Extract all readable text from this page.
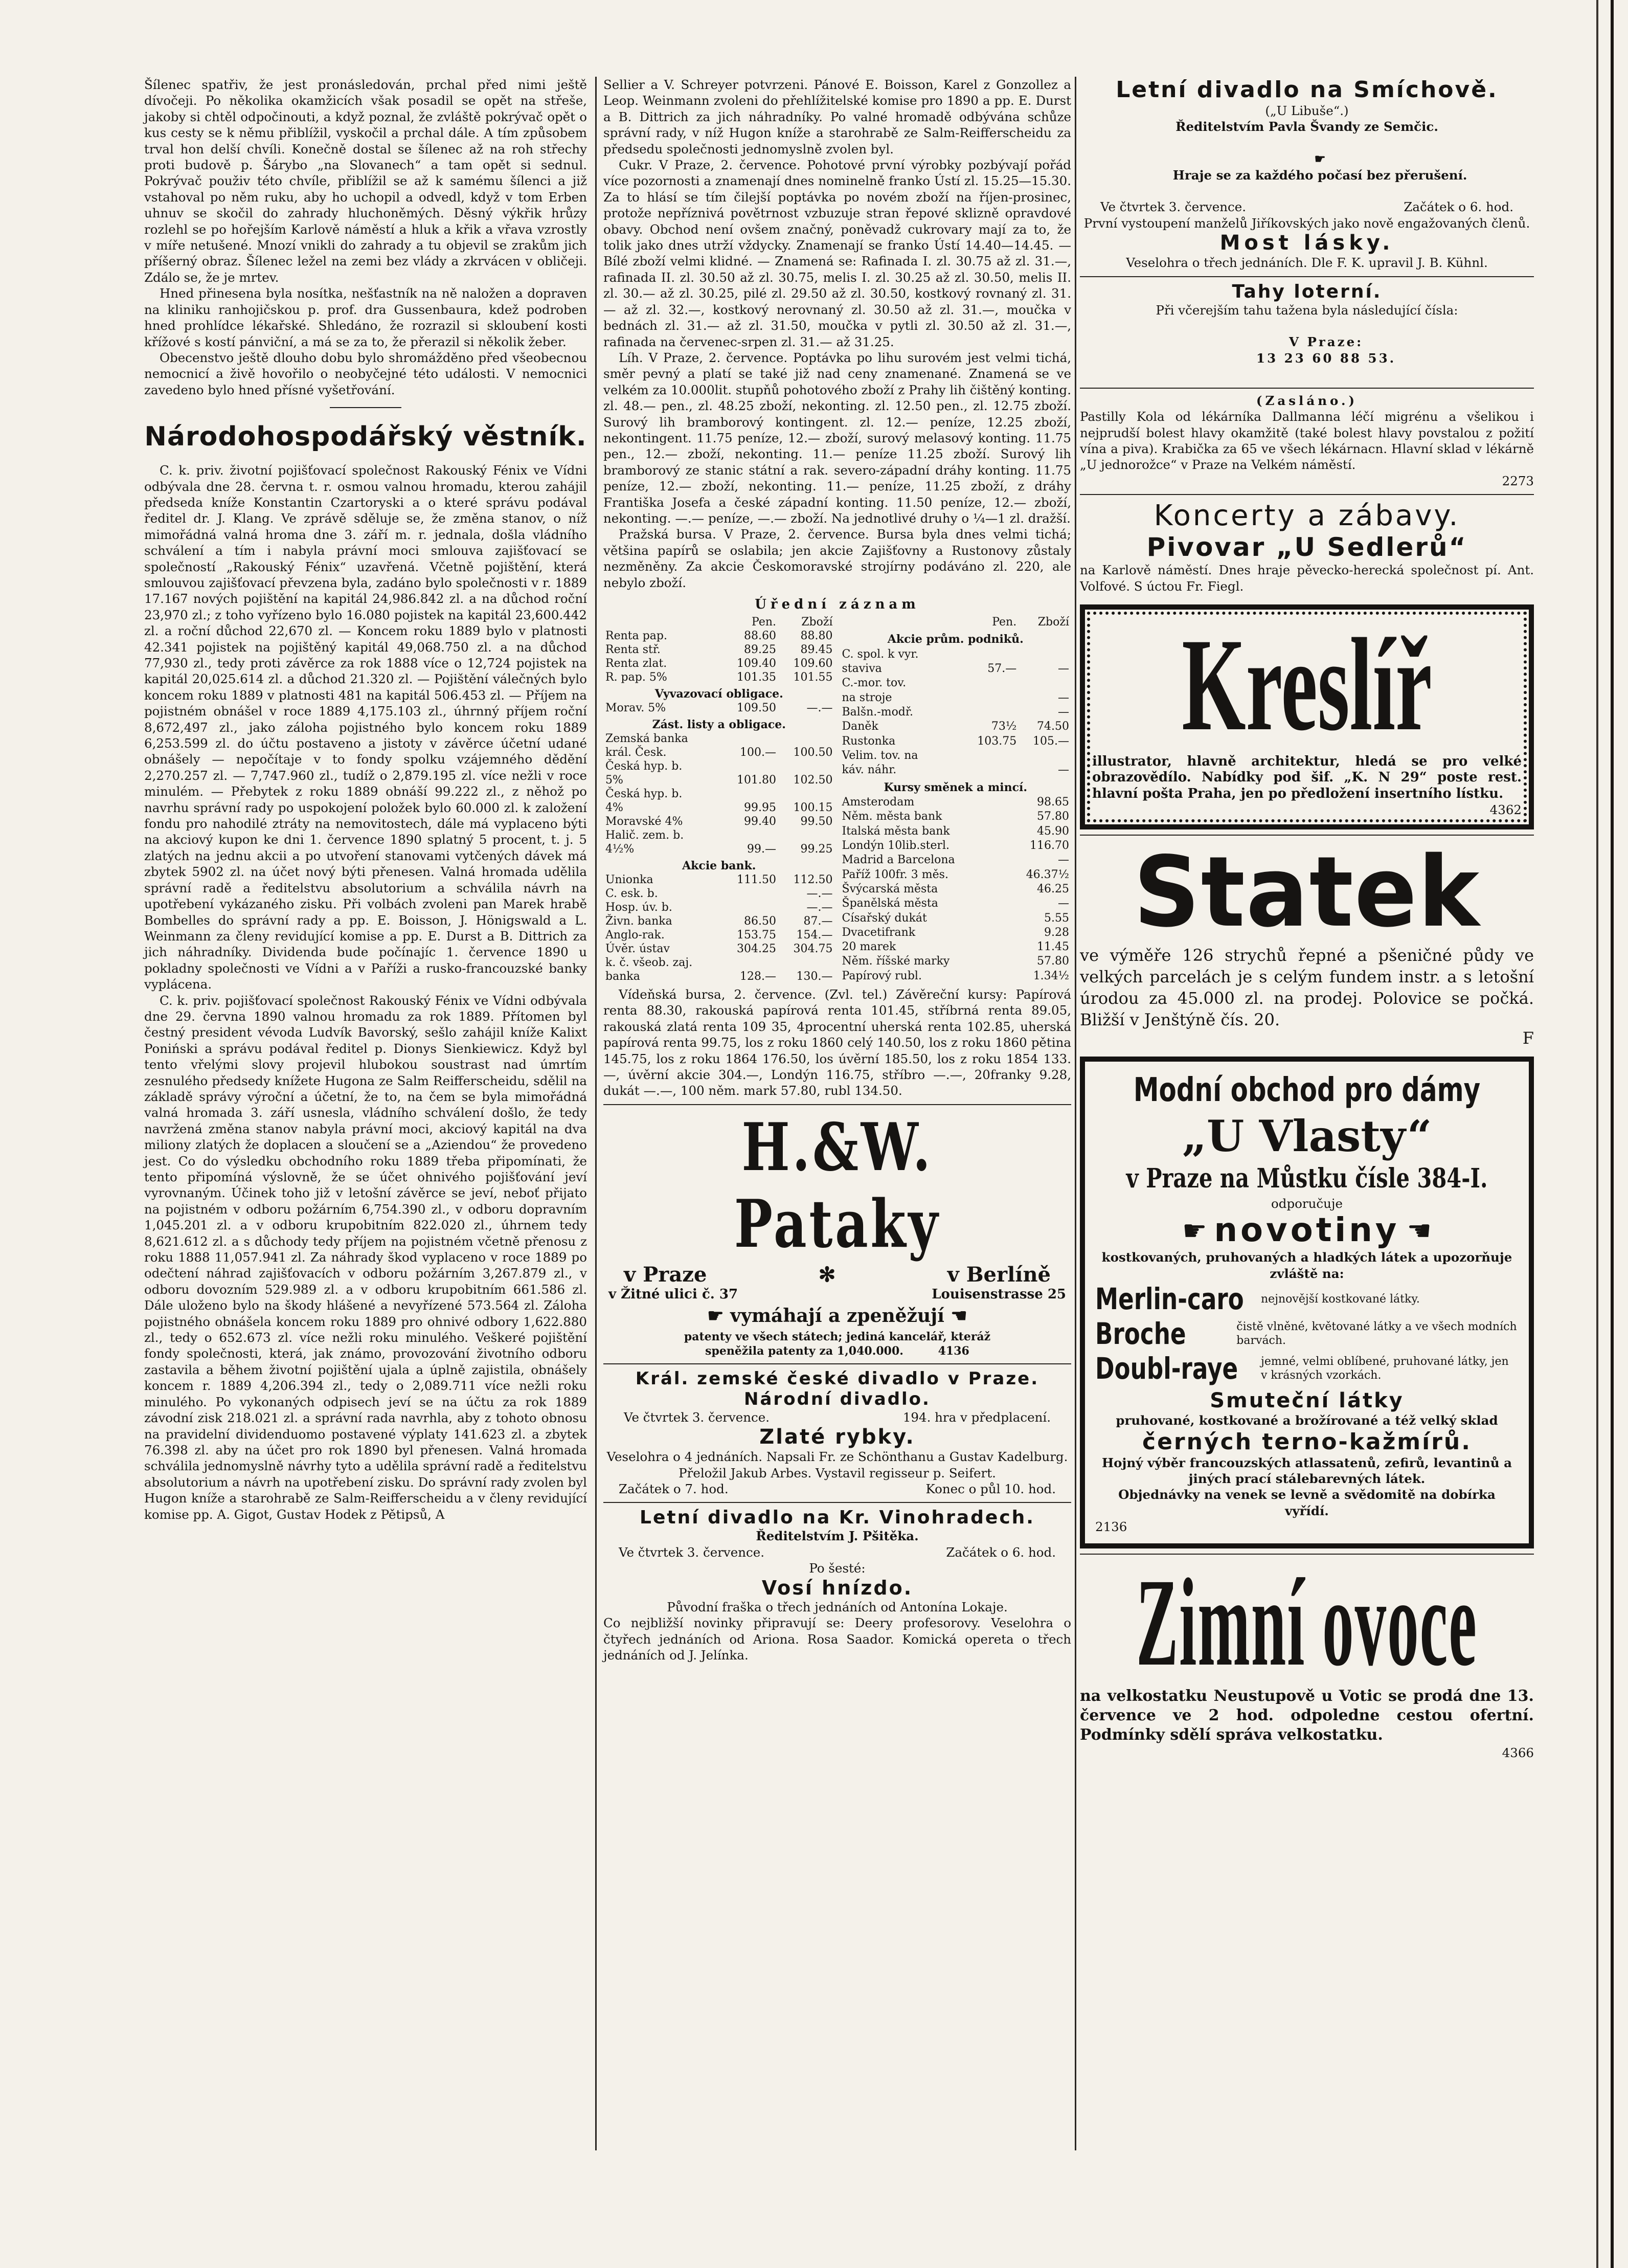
Šílenec spatřiv, že jest pronásledován, prchal před nimi ještě dívočeji. Po několika okamžicích však posadil se opět na střeše, jakoby si chtěl odpočinouti, a když poznal, že zvláště pokrývač opět o kus cesty se k němu přiblížil, vyskočil a prchal dále. A tím způsobem trval hon delší chvíli. Konečně dostal se šílenec až na roh střechy proti budově p. Šárybo „na Slovanech“ a tam opět si sednul. Pokrývač použiv této chvíle, přiblížil se až k samému šílenci a již vstahoval po něm ruku, aby ho uchopil a odvedl, když v tom Erben uhnuv se skočil do zahrady hluchoněmých. Děsný výkřik hrůzy rozlehl se po hořejším Karlově náměstí a hluk a křik a vřava vzrostly v míře netušené. Mnozí vnikli do zahrady a tu objevil se zrakům jich příšerný obraz. Šílenec ležel na zemi bez vlády a zkrvácen v obličeji. Zdálo se, že je mrtev.

Hned přinesena byla nosítka, nešťastník na ně naložen a dopraven na kliniku ranhojičskou p. prof. dra Gussenbaura, kdež podroben hned prohlídce lékařské. Shledáno, že rozrazil si skloubení kosti křížové s kostí pánviční, a má se za to, že přerazil si několik žeber.

Obecenstvo ještě dlouho dobu bylo shromážděno před všeobecnou nemocnicí a živě hovořilo o neobyčejné této události. V nemocnici zavedeno bylo hned přísné vyšetřování.

Národohospodářský věstník.

C. k. priv. životní pojišťovací společnost Rakouský Fénix ve Vídni odbývala dne 28. června t. r. osmou valnou hromadu, kterou zahájil předseda kníže Konstantin Czartoryski a o které správu podával ředitel dr. J. Klang. Ve zprávě sděluje se, že změna stanov, o níž mimořádná valná hroma dne 3. září m. r. jednala, došla vládního schválení a tím i nabyla právní moci smlouva zajišťovací se společností „Rakouský Fénix“ uzavřená. Včetně pojištění, která smlouvou zajišťovací převzena byla, zadáno bylo společnosti v r. 1889 17.167 nových pojištění na kapitál 24,986.842 zl. a na důchod roční 23,970 zl.; z toho vyřízeno bylo 16.080 pojistek na kapitál 23,600.442 zl. a roční důchod 22,670 zl. — Koncem roku 1889 bylo v platnosti 42.341 pojistek na pojištěný kapitál 49,068.750 zl. a na důchod 77,930 zl., tedy proti závěrce za rok 1888 více o 12,724 pojistek na kapitál 20,025.614 zl. a důchod 21.320 zl. — Pojištění válečných bylo koncem roku 1889 v platnosti 481 na kapitál 506.453 zl. — Příjem na pojistném obnášel v roce 1889 4,175.103 zl., úhrnný příjem roční 8,672,497 zl., jako záloha pojistného bylo koncem roku 1889 6,253.599 zl. do účtu postaveno a jistoty v závěrce účetní udané obnášely — nepočítaje v to fondy spolku vzájemného dědění 2,270.257 zl. — 7,747.960 zl., tudíž o 2,879.195 zl. více nežli v roce minulém. — Přebytek z roku 1889 obnáší 99.222 zl., z něhož po navrhu správní rady po uspokojení položek bylo 60.000 zl. k založení fondu pro nahodilé ztráty na nemovitostech, dále má vyplaceno býti na akciový kupon ke dni 1. července 1890 splatný 5 procent, t. j. 5 zlatých na jednu akcii a po utvoření stanovami vytčených dávek má zbytek 5902 zl. na účet nový býti přenesen. Valná hromada udělila správní radě a ředitelstvu absolutorium a schválila návrh na upotřebení vykázaného zisku. Při volbách zvoleni pan Marek hrabě Bombelles do správní rady a pp. E. Boisson, J. Hönigswald a L. Weinmann za členy revidující komise a pp. E. Durst a B. Dittrich za jich náhradníky. Dividenda bude počínajíc 1. července 1890 u pokladny společnosti ve Vídni a v Paříži a rusko-francouzské banky vyplácena.

C. k. priv. pojišťovací společnost Rakouský Fénix ve Vídni odbývala dne 29. června 1890 valnou hromadu za rok 1889. Přítomen byl čestný president vévoda Ludvík Bavorský, sešlo zahájil kníže Kalixt Poniński a správu podával ředitel p. Dionys Sienkiewicz. Když byl tento vřelými slovy projevil hlubokou soustrast nad úmrtím zesnulého předsedy knížete Hugona ze Salm Reifferscheidu, sdělil na základě správy výroční a účetní, že to, na čem se byla mimořádná valná hromada 3. září usnesla, vládního schválení došlo, že tedy navržená změna stanov nabyla právní moci, akciový kapitál na dva miliony zlatých že doplacen a sloučení se a „Aziendou“ že provedeno jest. Co do výsledku obchodního roku 1889 třeba připomínati, že tento připomíná výslovně, že se účet ohnivého pojišťování jeví vyrovnaným. Účinek toho již v letošní závěrce se jeví, neboť přijato na pojistném v odboru požárním 6,754.390 zl., v odboru dopravním 1,045.201 zl. a v odboru krupobitním 822.020 zl., úhrnem tedy 8,621.612 zl. a s důchody tedy příjem na pojistném včetně přenosu z roku 1888 11,057.941 zl. Za náhrady škod vyplaceno v roce 1889 po odečtení náhrad zajišťovacích v odboru požárním 3,267.879 zl., v odboru dovozním 529.989 zl. a v odboru krupobitním 661.586 zl. Dále uloženo bylo na škody hlášené a nevyřízené 573.564 zl. Záloha pojistného obnášela koncem roku 1889 pro ohnivé odbory 1,622.880 zl., tedy o 652.673 zl. více nežli roku minulého. Veškeré pojištění fondy společnosti, která, jak známo, provozování životního odboru zastavila a během životní pojištění ujala a úplně zajistila, obnášely koncem r. 1889 4,206.394 zl., tedy o 2,089.711 více nežli roku minulého. Po vykonaných odpisech jeví se na účtu za rok 1889 závodní zisk 218.021 zl. a správní rada navrhla, aby z tohoto obnosu na pravidelní dividenduomo postavené výplaty 141.623 zl. a zbytek 76.398 zl. aby na účet pro rok 1890 byl přenesen. Valná hromada schválila jednomyslně návrhy tyto a udělila správní radě a ředitelstvu absolutorium a návrh na upotřebení zisku. Do správní rady zvolen byl Hugon kníže a starohrabě ze Salm-Reifferscheidu a v členy revidující komise pp. A. Gigot, Gustav Hodek z Pětipsů, A

Sellier a V. Schreyer potvrzeni. Pánové E. Boisson, Karel z Gonzollez a Leop. Weinmann zvoleni do přehlížitelské komise pro 1890 a pp. E. Durst a B. Dittrich za jich náhradníky. Po valné hromadě odbývána schůze správní rady, v níž Hugon kníže a starohrabě ze Salm-Reifferscheidu za předsedu společnosti jednomyslně zvolen byl.

Cukr. V Praze, 2. července. Pohotové první výrobky pozbývají pořád více pozornosti a znamenají dnes nominelně franko Ústí zl. 15.25—15.30. Za to hlásí se tím čilejší poptávka po novém zboží na říjen-prosinec, protože nepříznivá povětrnost vzbuzuje stran řepové sklizně opravdové obavy. Obchod není ovšem značný, poněvadž cukrovary mají za to, že tolik jako dnes utrží vždycky. Znamenají se franko Ústí 14.40—14.45. — Bílé zboží velmi klidné. — Znamená se: Rafinada I. zl. 30.75 až zl. 31.—, rafinada II. zl. 30.50 až zl. 30.75, melis I. zl. 30.25 až zl. 30.50, melis II. zl. 30.— až zl. 30.25, pilé zl. 29.50 až zl. 30.50, kostkový rovnaný zl. 31.— až zl. 32.—, kostkový nerovnaný zl. 30.50 až zl. 31.—, moučka v bednách zl. 31.— až zl. 31.50, moučka v pytli zl. 30.50 až zl. 31.—, rafinada na červenec-srpen zl. 31.— až 31.25.

Líh. V Praze, 2. července. Poptávka po lihu surovém jest velmi tichá, směr pevný a platí se také již nad ceny znamenané. Znamená se ve velkém za 10.000lit. stupňů pohotového zboží z Prahy lih čištěný konting. zl. 48.— pen., zl. 48.25 zboží, nekonting. zl. 12.50 pen., zl. 12.75 zboží. Surový lih bramborový kontingent. zl. 12.— peníze, 12.25 zboží, nekontingent. 11.75 peníze, 12.— zboží, surový melasový konting. 11.75 pen., 12.— zboží, nekonting. 11.— peníze 11.25 zboží. Surový lih bramborový ze stanic státní a rak. severo-západní dráhy konting. 11.75 peníze, 12.— zboží, nekonting. 11.— peníze, 11.25 zboží, z dráhy Františka Josefa a české západní konting. 11.50 peníze, 12.— zboží, nekonting. —.— peníze, —.— zboží. Na jednotlivé druhy o ¼—1 zl. dražší.

Pražská bursa. V Praze, 2. července. Bursa byla dnes velmi tichá; většina papírů se oslabila; jen akcie Zajišťovny a Rustonovy zůstaly nezměněny. Za akcie Českomoravské strojírny podáváno zl. 220, ale nebylo zboží.

Úřední záznam
	Pen.	Zboží
Renta pap.	88.60	88.80
Renta stř.	89.25	89.45
Renta zlat.	109.40	109.60
R. pap. 5%	101.35	101.55
Vyvazovací obligace.		
Morav. 5%	109.50	—.—
Zást. listy a obligace.		
Zemská banka		
král. Česk.	100.—	100.50
Česká hyp. b.		
5%	101.80	102.50
Česká hyp. b.		
4%	99.95	100.15
Moravské 4%	99.40	99.50
Halič. zem. b.		
4½%	99.—	99.25
Akcie bank.		
Unionka	111.50	112.50
C. esk. b.		—.—
Hosp. úv. b.		—.—
Živn. banka	86.50	87.—
Anglo-rak.	153.75	154.—
Úvěr. ústav	304.25	304.75
k. č. všeob. zaj.		
banka	128.—	130.—
	Pen.	Zboží
Akcie prům. podniků.		
C. spol. k vyr.		
staviva	57.—	—
C.-mor. tov.		
na stroje		—
Balšn.-modř.		—
Daněk	73½	74.50
Rustonka	103.75	105.—
Velim. tov. na		
káv. náhr.		—
Kursy směnek a mincí.		
Amsterodam		98.65
Něm. města bank		57.80
Italská města bank		45.90
Londýn 10lib.sterl.		116.70
Madrid a Barcelona		—
Paříž 100fr. 3 měs.		46.37½
Švýcarská města		46.25
Španělská města		—
Císařský dukát		5.55
Dvacetifrank		9.28
20 marek		11.45
Něm. říšské marky		57.80
Papírový rubl.		1.34½

Vídeňská bursa, 2. července. (Zvl. tel.) Závěreční kursy: Papírová renta 88.30, rakouská papírová renta 101.45, stříbrná renta 89.05, rakouská zlatá renta 109 35, 4procentní uherská renta 102.85, uherská papírová renta 99.75, los z roku 1860 celý 140.50, los z roku 1860 pětina 145.75, los z roku 1864 176.50, los úvěrní 185.50, los z roku 1854 133.—, úvěrní akcie 304.—, Londýn 116.75, stříbro —.—, 20franky 9.28, dukát —.—, 100 něm. mark 57.80, rubl 134.50.

H.&W. Pataky
v Praze	✻	v Berlíně
v Žitné ulici č. 37	Louisenstrasse 25
☛ vymáhají a zpeněžují ☚
patenty ve všech státech; jediná kancelář, kteráž
speněžila patenty za 1,040.000.	4136
Král. zemské české divadlo v Praze.
Národní divadlo.
Ve čtvrtek 3. července.	194. hra v předplacení.
Zlaté rybky.

Veselohra o 4 jednáních. Napsali Fr. ze Schönthanu a Gustav Kadelburg. Přeložil Jakub Arbes. Vystavil regisseur p. Seifert.

Začátek o 7. hod.	Konec o půl 10. hod.
Letní divadlo na Kr. Vinohradech.
Ředitelstvím J. Pšitěka.
Ve čtvrtek 3. července.	Začátek o 6. hod.
Po šesté:
Vosí hnízdo.

Původní fraška o třech jednáních od Antonína Lokaje.

Co nejbližší novinky připravují se: Deery profesorovy. Veselohra o čtyřech jednáních od Ariona. Rosa Saador. Komická opereta o třech jednáních od J. Jelínka.

Letní divadlo na Smíchově.
(„U Libuše“.)
Ředitelstvím Pavla Švandy ze Semčic.

☛
Hraje se za každého počasí bez přerušení.

Ve čtvrtek 3. července.	Začátek o 6. hod.

První vystoupení manželů Jiříkovských jako nově engažovaných členů.

Most lásky.

Veselohra o třech jednáních. Dle F. K. upravil J. B. Kühnl.

Tahy loterní.
Při včerejším tahu tažena byla následující čísla:

V Praze:
13 23 60 88 53.

(Zasláno.)

Pastilly Kola od lékárníka Dallmanna léčí migrénu a všelikou i nejprudší bolest hlavy okamžitě (také bolest hlavy povstalou z požití vína a piva). Krabička za 65 ve všech lékárnacn. Hlavní sklad v lékárně „U jednorožce“ v Praze na Velkém náměstí.

2273
Koncerty a zábavy.
Pivovar „U Sedlerů“

na Karlově náměstí. Dnes hraje pěvecko-herecká společnost pí. Ant. Volfové. S úctou Fr. Fiegl.

Kreslíř

illustrator, hlavně architektur, hledá se pro velké obrazovědílo. Nabídky pod šif. „K. N 29“ poste rest. hlavní pošta Praha, jen po předložení insertního lístku.

4362
Statek

ve výměře 126 strychů řepné a pšeničné půdy ve velkých parcelách je s celým fundem instr. a s letošní úrodou za 45.000 zl. na prodej. Polovice se počká. Bližší v Jenštýně čís. 20.

F
Modní obchod pro dámy
„U Vlasty“
v Praze na Můstku čísle 384-I.
odporučuje
☛ novotiny ☚

kostkovaných, pruhovaných a hladkých látek a upozorňuje zvláště na:

Merlin-caro nejnovější kostkované látky.
Broche	čistě vlněné, květované látky a ve všech modních barvách.
Doubl-raye jemné, velmi oblíbené, pruhované látky, jen v krásných vzorkách.
Smuteční látky

pruhované, kostkované a brožírované a též velký sklad

černých terno-kažmírů.

Hojný výběr francouzských atlassatenů, zefirů, levantinů a jiných prací stálebarevných látek.

Objednávky na venek se levně a svědomitě na dobírka vyřídí.

2136
Zimní ovoce

na velkostatku Neustupově u Votic se prodá dne 13. července ve 2 hod. odpoledne cestou ofertní. Podmínky sdělí správa velkostatku.

4366
